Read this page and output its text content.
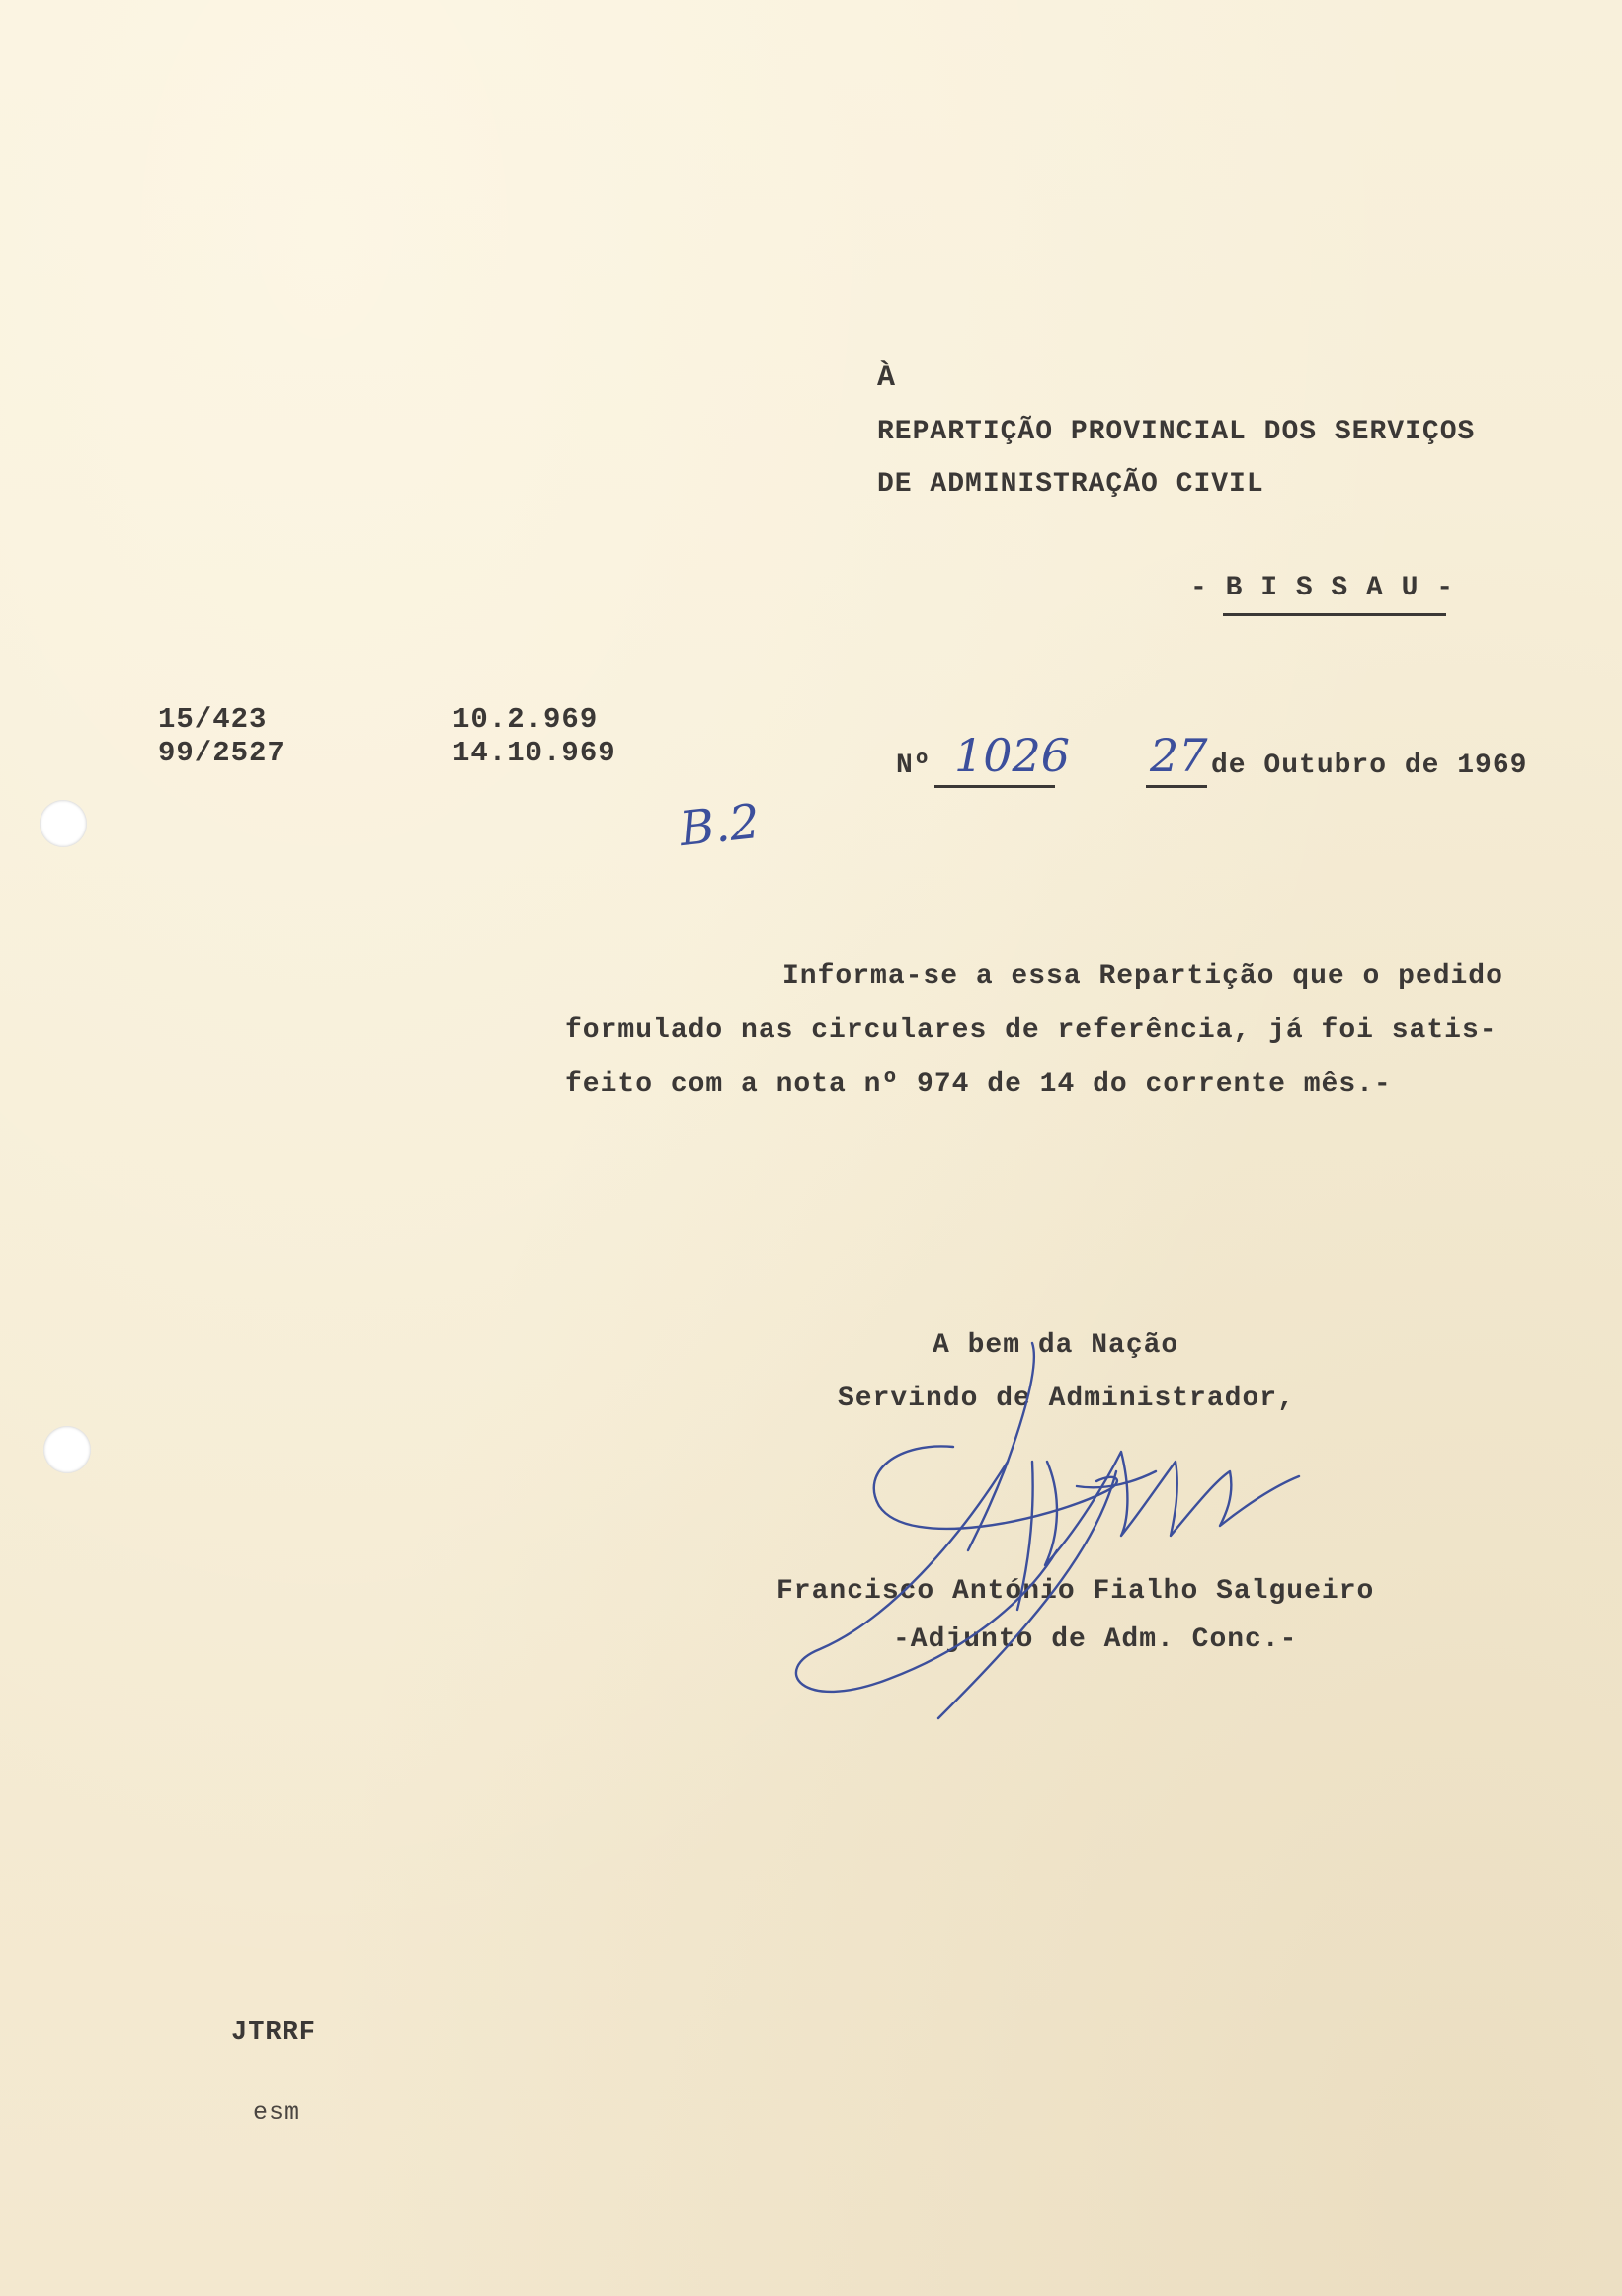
À
REPARTIÇÃO PROVINCIAL DOS SERVIÇOS
DE ADMINISTRAÇÃO CIVIL
- B I S S A U -
15/423
99/2527
10.2.969
14.10.969	Nº 1026 27 de Outubro de 1969
B.2
Informa-se a essa Repartição que o pedido
formulado nas circulares de referência, já foi satis-
feito com a nota nº 974 de 14 do corrente mês.-
A bem da Nação
Servindo de Administrador,
Francisco António Fialho Salgueiro
-Adjunto de Adm. Conc.-
JTRRF
esm
